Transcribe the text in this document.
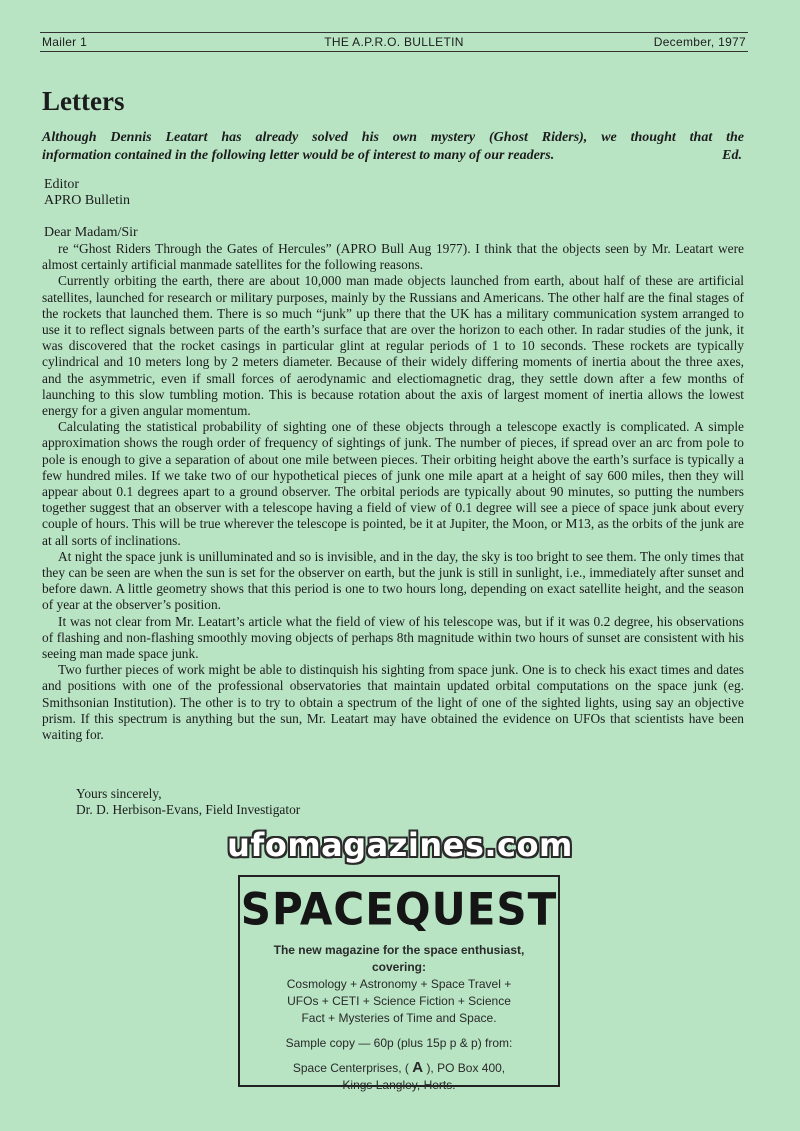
Mailer 1	THE A.P.R.O. BULLETIN	December, 1977
Letters

Although Dennis Leatart has already solved his own mystery (Ghost Riders), we thought that the

information contained in the following letter would be of interest to many of our readers.	Ed.
Editor
APRO Bulletin
Dear Madam/Sir

re “Ghost Riders Through the Gates of Hercules” (APRO Bull Aug 1977). I think that the objects seen by Mr. Leatart were almost certainly artificial manmade satellites for the following reasons.

Currently orbiting the earth, there are about 10,000 man made objects launched from earth, about half of these are artificial satellites, launched for research or military purposes, mainly by the Russians and Americans. The other half are the final stages of the rockets that launched them. There is so much “junk” up there that the UK has a military communication system arranged to use it to reflect signals between parts of the earth’s surface that are over the horizon to each other. In radar studies of the junk, it was discovered that the rocket casings in particular glint at regular periods of 1 to 10 seconds. These rockets are typically cylindrical and 10 meters long by 2 meters diameter. Because of their widely differing moments of inertia about the three axes, and the asymmetric, even if small forces of aerodynamic and electiomagnetic drag, they settle down after a few months of launching to this slow tumbling motion. This is because rotation about the axis of largest moment of inertia allows the lowest energy for a given angular momentum.

Calculating the statistical probability of sighting one of these objects through a telescope exactly is complicated. A simple approximation shows the rough order of frequency of sightings of junk. The number of pieces, if spread over an arc from pole to pole is enough to give a separation of about one mile between pieces. Their orbiting height above the earth’s surface is typically a few hundred miles. If we take two of our hypothetical pieces of junk one mile apart at a height of say 600 miles, then they will appear about 0.1 degrees apart to a ground observer. The orbital periods are typically about 90 minutes, so putting the numbers together suggest that an observer with a telescope having a field of view of 0.1 degree will see a piece of space junk about every couple of hours. This will be true wherever the telescope is pointed, be it at Jupiter, the Moon, or M13, as the orbits of the junk are at all sorts of inclinations.

At night the space junk is unilluminated and so is invisible, and in the day, the sky is too bright to see them. The only times that they can be seen are when the sun is set for the observer on earth, but the junk is still in sunlight, i.e., immediately after sunset and before dawn. A little geometry shows that this period is one to two hours long, depending on exact satellite height, and the season of year at the observer’s position.

It was not clear from Mr. Leatart’s article what the field of view of his telescope was, but if it was 0.2 degree, his observations of flashing and non-flashing smoothly moving objects of perhaps 8th magnitude within two hours of sunset are consistent with his seeing man made space junk.

Two further pieces of work might be able to distinquish his sighting from space junk. One is to check his exact times and dates and positions with one of the professional observatories that maintain updated orbital computations on the space junk (eg. Smithsonian Institution). The other is to try to obtain a spectrum of the light of one of the sighted lights, using say an objective prism. If this spectrum is anything but the sun, Mr. Leatart may have obtained the evidence on UFOs that scientists have been waiting for.

Yours sincerely,
Dr. D. Herbison-Evans, Field Investigator
ufomagazines.com
SPACEQUEST
The new magazine for the space enthusiast,
covering:
Cosmology + Astronomy + Space Travel +
UFOs + CETI + Science Fiction + Science
Fact + Mysteries of Time and Space.
Sample copy — 60p (plus 15p p & p) from:
Space Centerprises, ( A ), PO Box 400,
Kings Langley, Herts.
